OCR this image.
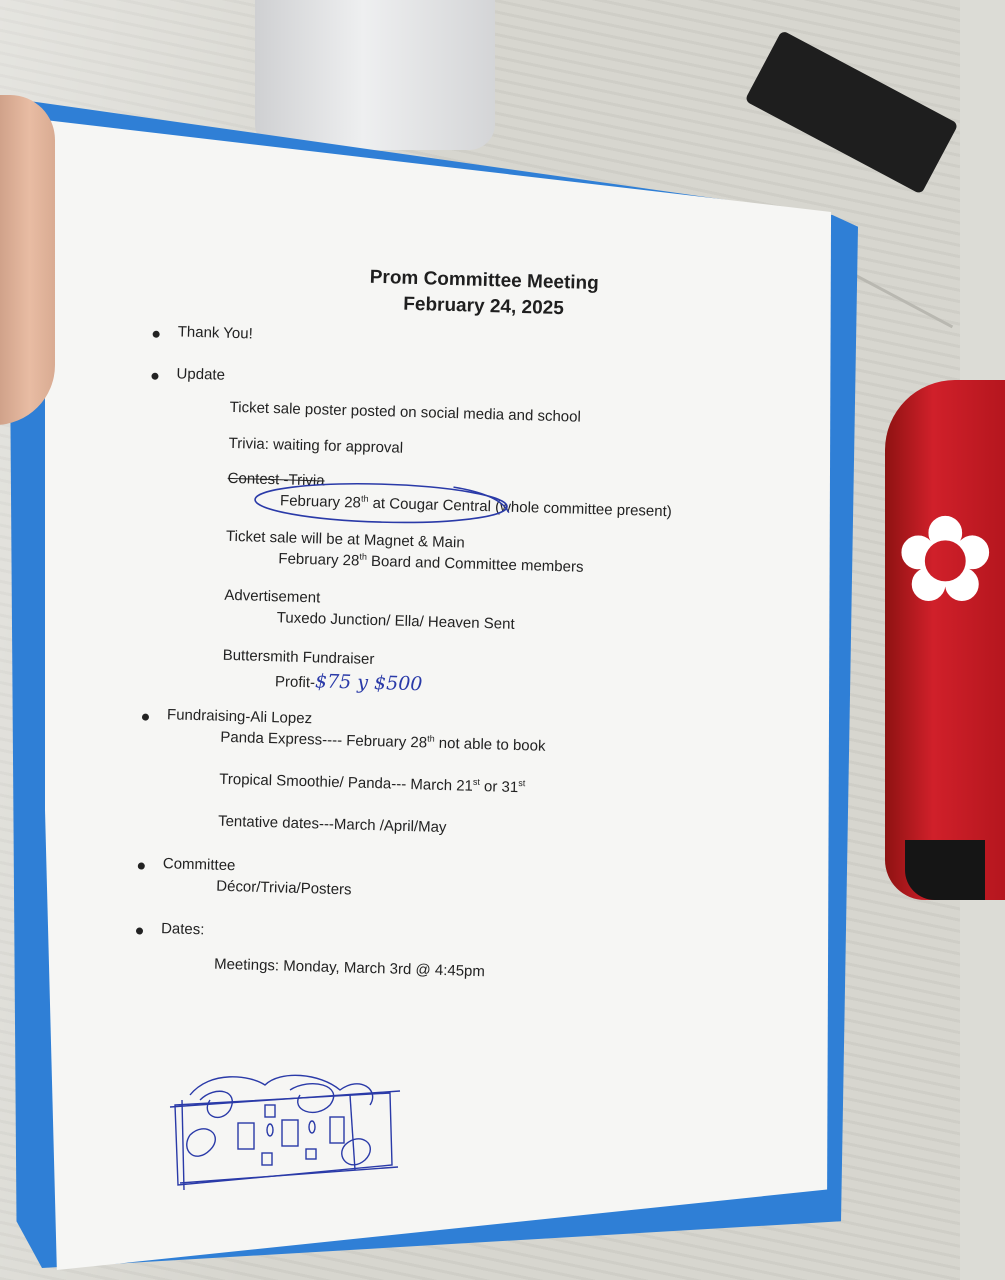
✿
Prom Committee Meeting
February 24, 2025
Thank You!
Update
Ticket sale poster posted on social media and school
Trivia: waiting for approval
Contest -Trivia
February 28th at Cougar Central (whole committee present)
Ticket sale will be at Magnet & Main
February 28th Board and Committee members
Advertisement
Tuxedo Junction/ Ella/ Heaven Sent
Buttersmith Fundraiser
Profit-$75 y $500
Fundraising-Ali Lopez
Panda Express---- February 28th not able to book
Tropical Smoothie/ Panda--- March 21st or 31st
Tentative dates---March /April/May
Committee
Décor/Trivia/Posters
Dates:
Meetings: Monday, March 3rd @ 4:45pm
